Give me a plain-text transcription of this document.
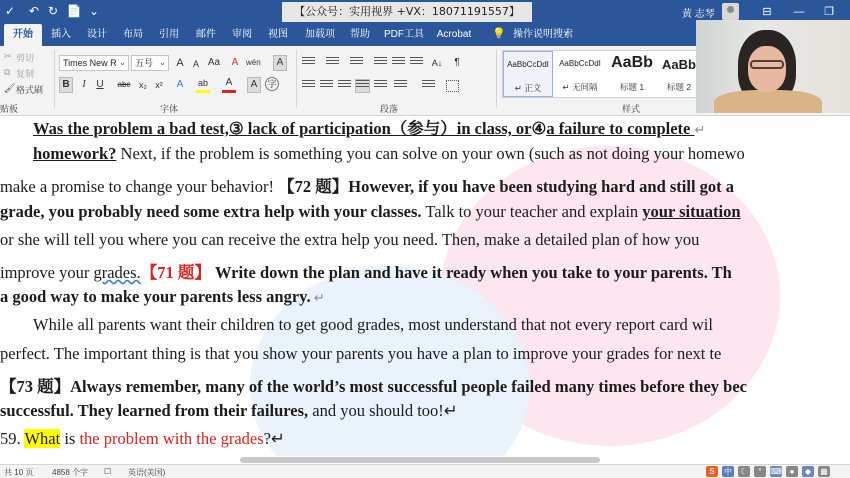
✓ ↶ ↻ 📄 ⌄	【公众号：实用视界 +VX：18071191557】	黄 志琴	⊟	—	❐
开始	插入	设计	布局	引用	邮件	审阅	视图	加载项	帮助	PDF工具	Acrobat	💡 操作说明搜索
✂ 剪切
⧉ 复制
🖌 格式刷
贴板
Times New R ⌄	五号 ⌄ A	A Aa	A wén	A
B	I	U	abc x₂ x²	A	ab	A	A	字
字体
A↓	¶
段落
AaBbCcDdI
↵ 正文
AaBbCcDdI
↵ 无间隔
AaBb
标题 1
AaBb
标题 2
样式
Was the problem a bad test,③ lack of participation（参与）in class, or④a failure to complete ↵
homework? Next, if the problem is something you can solve on your own (such as not doing your homewo
make a promise to change your behavior! 【72 题】However, if you have been studying hard and still got a
grade, you probably need some extra help with your classes. Talk to your teacher and explain your situation
or she will tell you where you can receive the extra help you need. Then, make a detailed plan of how you
improve your grades.【71 题】 Write down the plan and have it ready when you take to your parents. Th
a good way to make your parents less angry. ↵
While all parents want their children to get good grades, most understand that not every report card wil
perfect. The important thing is that you show your parents you have a plan to improve your grades for next te
【73 题】Always remember, many of the world’s most successful people failed many times before they bec
successful. They learned from their failures, and you should too!↵
59. What is the problem with the grades?↵
共 10 页 4858 个字 ☐ 英语(美国)	S	中	☾	°	⌨ ●	◆	▦
